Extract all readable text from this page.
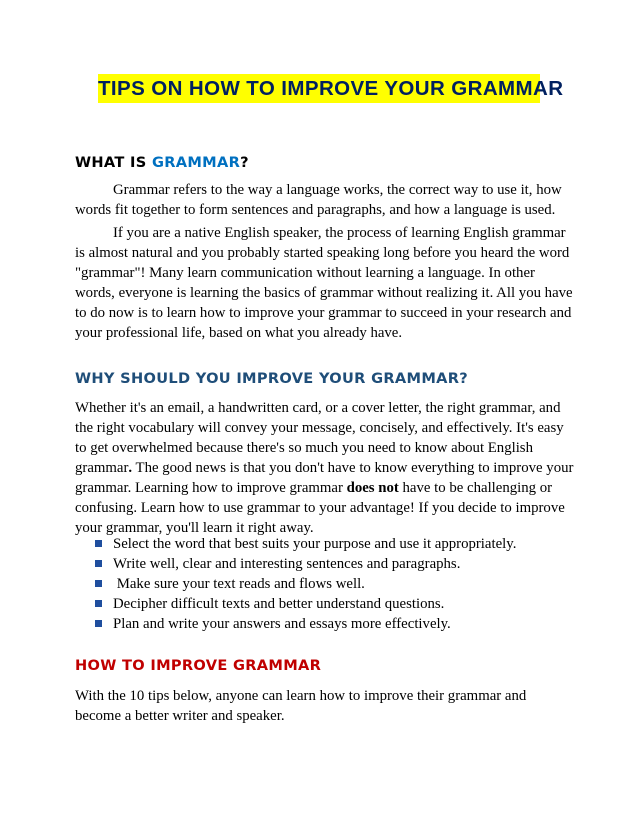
TIPS ON HOW TO IMPROVE YOUR GRAMMAR
WHAT IS GRAMMAR?

Grammar refers to the way a language works, the correct way to use it, how words fit together to form sentences and paragraphs, and how a language is used.

If you are a native English speaker, the process of learning English grammar is almost natural and you probably started speaking long before you heard the word "grammar"! Many learn communication without learning a language. In other words, everyone is learning the basics of grammar without realizing it. All you have to do now is to learn how to improve your grammar to succeed in your research and your professional life, based on what you already have.

WHY SHOULD YOU IMPROVE YOUR GRAMMAR?

Whether it's an email, a handwritten card, or a cover letter, the right grammar, and the right vocabulary will convey your message, concisely, and effectively. It's easy to get overwhelmed because there's so much you need to know about English grammar. The good news is that you don't have to know everything to improve your grammar. Learning how to improve grammar does not have to be challenging or confusing. Learn how to use grammar to your advantage! If you decide to improve your grammar, you'll learn it right away.

Select the word that best suits your purpose and use it appropriately.
Write well, clear and interesting sentences and paragraphs.
Make sure your text reads and flows well.
Decipher difficult texts and better understand questions.
Plan and write your answers and essays more effectively.
HOW TO IMPROVE GRAMMAR

With the 10 tips below, anyone can learn how to improve their grammar and become a better writer and speaker.
